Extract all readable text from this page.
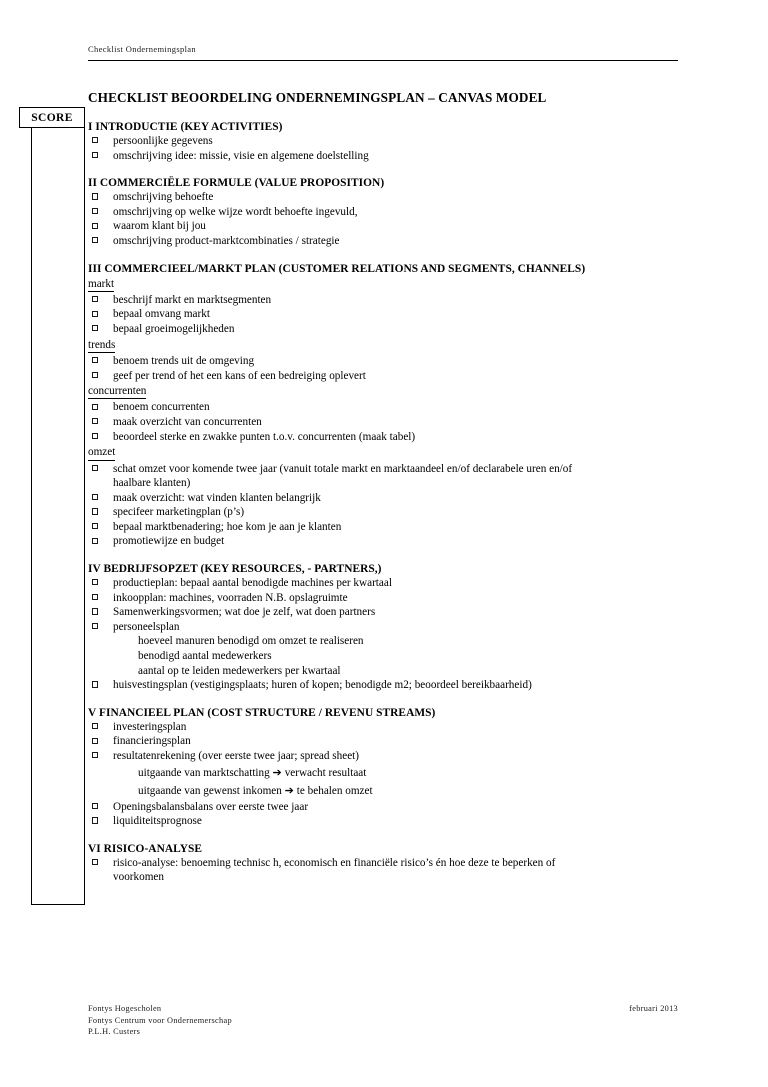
Checklist Ondernemingsplan
SCORE
CHECKLIST BEOORDELING ONDERNEMINGSPLAN – CANVAS MODEL
I INTRODUCTIE (KEY ACTIVITIES)
persoonlijke gegevens
omschrijving idee: missie, visie en algemene doelstelling
II COMMERCIËLE FORMULE (VALUE PROPOSITION)
omschrijving behoefte
omschrijving op welke wijze wordt behoefte ingevuld,
waarom klant bij jou
omschrijving product-marktcombinaties / strategie
III COMMERCIEEL/MARKT PLAN (CUSTOMER RELATIONS AND SEGMENTS, CHANNELS)
markt
beschrijf markt en marktsegmenten
bepaal omvang markt
bepaal groeimogelijkheden
trends
benoem trends uit de omgeving
geef per trend of het een kans of een bedreiging oplevert
concurrenten
benoem concurrenten
maak overzicht van concurrenten
beoordeel sterke en zwakke punten t.o.v. concurrenten (maak tabel)
omzet
schat omzet voor komende twee jaar (vanuit totale markt en marktaandeel en/of declarabele uren en/of
haalbare klanten)
maak overzicht: wat vinden klanten belangrijk
specifeer marketingplan (p’s)
bepaal marktbenadering; hoe kom je aan je klanten
promotiewijze en budget
IV BEDRIJFSOPZET (KEY RESOURCES, - PARTNERS,)
productieplan: bepaal aantal benodigde machines per kwartaal
inkoopplan: machines, voorraden N.B. opslagruimte
Samenwerkingsvormen; wat doe je zelf, wat doen partners
personeelsplan
hoeveel manuren benodigd om omzet te realiseren
benodigd aantal medewerkers
aantal op te leiden medewerkers per kwartaal
huisvestingsplan (vestigingsplaats; huren of kopen; benodigde m2; beoordeel bereikbaarheid)
V FINANCIEEL PLAN (COST STRUCTURE / REVENU STREAMS)
investeringsplan
financieringsplan
resultatenrekening (over eerste twee jaar; spread sheet)
uitgaande van marktschatting ➔ verwacht resultaat
uitgaande van gewenst inkomen ➔ te behalen omzet
Openingsbalansbalans over eerste twee jaar
liquiditeitsprognose
VI RISICO-ANALYSE
risico-analyse: benoeming technisc h, economisch en financiële risico’s én hoe deze te beperken of
voorkomen
Fontys Hogescholen
Fontys Centrum voor Ondernemerschap
P.L.H. Custers
februari 2013
